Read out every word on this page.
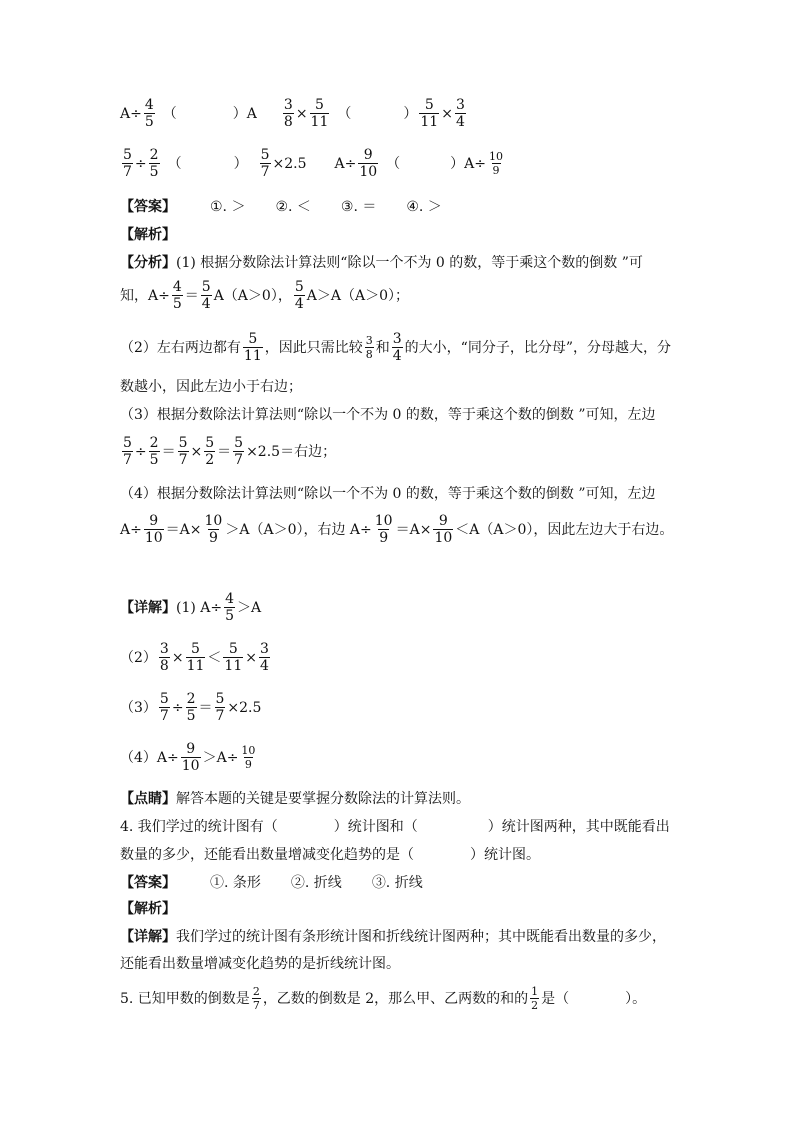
$A\div \frac{4}{5}$ （	）$A \frac{3}{8} \times \frac{5}{11}$ （	） $\frac{5}{11} \times \frac{3}{4}$
$\frac{5}{7} \div \frac{2}{5}$ （	） $\frac{5}{7} \times 2.5$ $A\div \frac{9}{10}$ （	）$A\div \frac{10}{9}$
【答案】 ①. ＞ ②. ＜ ③. ＝ ④. ＞
【解析】
【分析】 (1) 根据分数除法计算法则“除以一个不为 0 的数，等于乘这个数的倒数 ”可
知，$A\div \frac{4}{5} = \frac{5}{4} A(A>0)$， $\frac{5}{4} A>A(A>0)$；
（2）左右两边都有 $\frac{5}{11}$ ，因此只需比较 $\frac{3}{8}$ 和 $\frac{3}{4}$ 的大小，“同分子，比分母”，分母越大，分
数越小，因此左边小于右边；
（3）根据分数除法计算法则“除以一个不为 0 的数，等于乘这个数的倒数 ”可知，左边
$\frac{5}{7} \div \frac{2}{5} = \frac{5}{7} \times \frac{5}{2} = \frac{5}{7} \times 2.5=$右边；
（4）根据分数除法计算法则“除以一个不为 0 的数，等于乘这个数的倒数 ”可知，左边
$A\div \frac{9}{10} =A\times \frac{10}{9} >A(A>0)$，右边 $A\div \frac{10}{9} =A\times \frac{9}{10} <A(A>0)$，因此左边大于右边。
【详解】 (1) $A\div \frac{4}{5} >A$
$(2) \frac{3}{8} \times \frac{5}{11} < \frac{5}{11} \times \frac{3}{4}$
$(3) \frac{5}{7} \div \frac{2}{5} = \frac{5}{7} \times 2.5$
$(4)A\div \frac{9}{10} >A\div \frac{10}{9}$
【点睛】 解答本题的关键是要掌握分数除法的计算法则。
4. 我们学过的统计图有（　　　　）统计图和（　　　　　）统计图两种，其中既能看出
数量的多少，还能看出数量增减变化趋势的是（　　　　）统计图。
【答案】 ①. 条形 ②. 折线 ③. 折线
【解析】
【详解】 我们学过的统计图有条形统计图和折线统计图两种；其中既能看出数量的多少，
还能看出数量增减变化趋势的是折线统计图。
5. 已知甲数的倒数是 $\frac{2}{7}$ ，乙数的倒数是 2，那么甲、乙两数的和的 $\frac{1}{2}$ 是（　　　　）。
